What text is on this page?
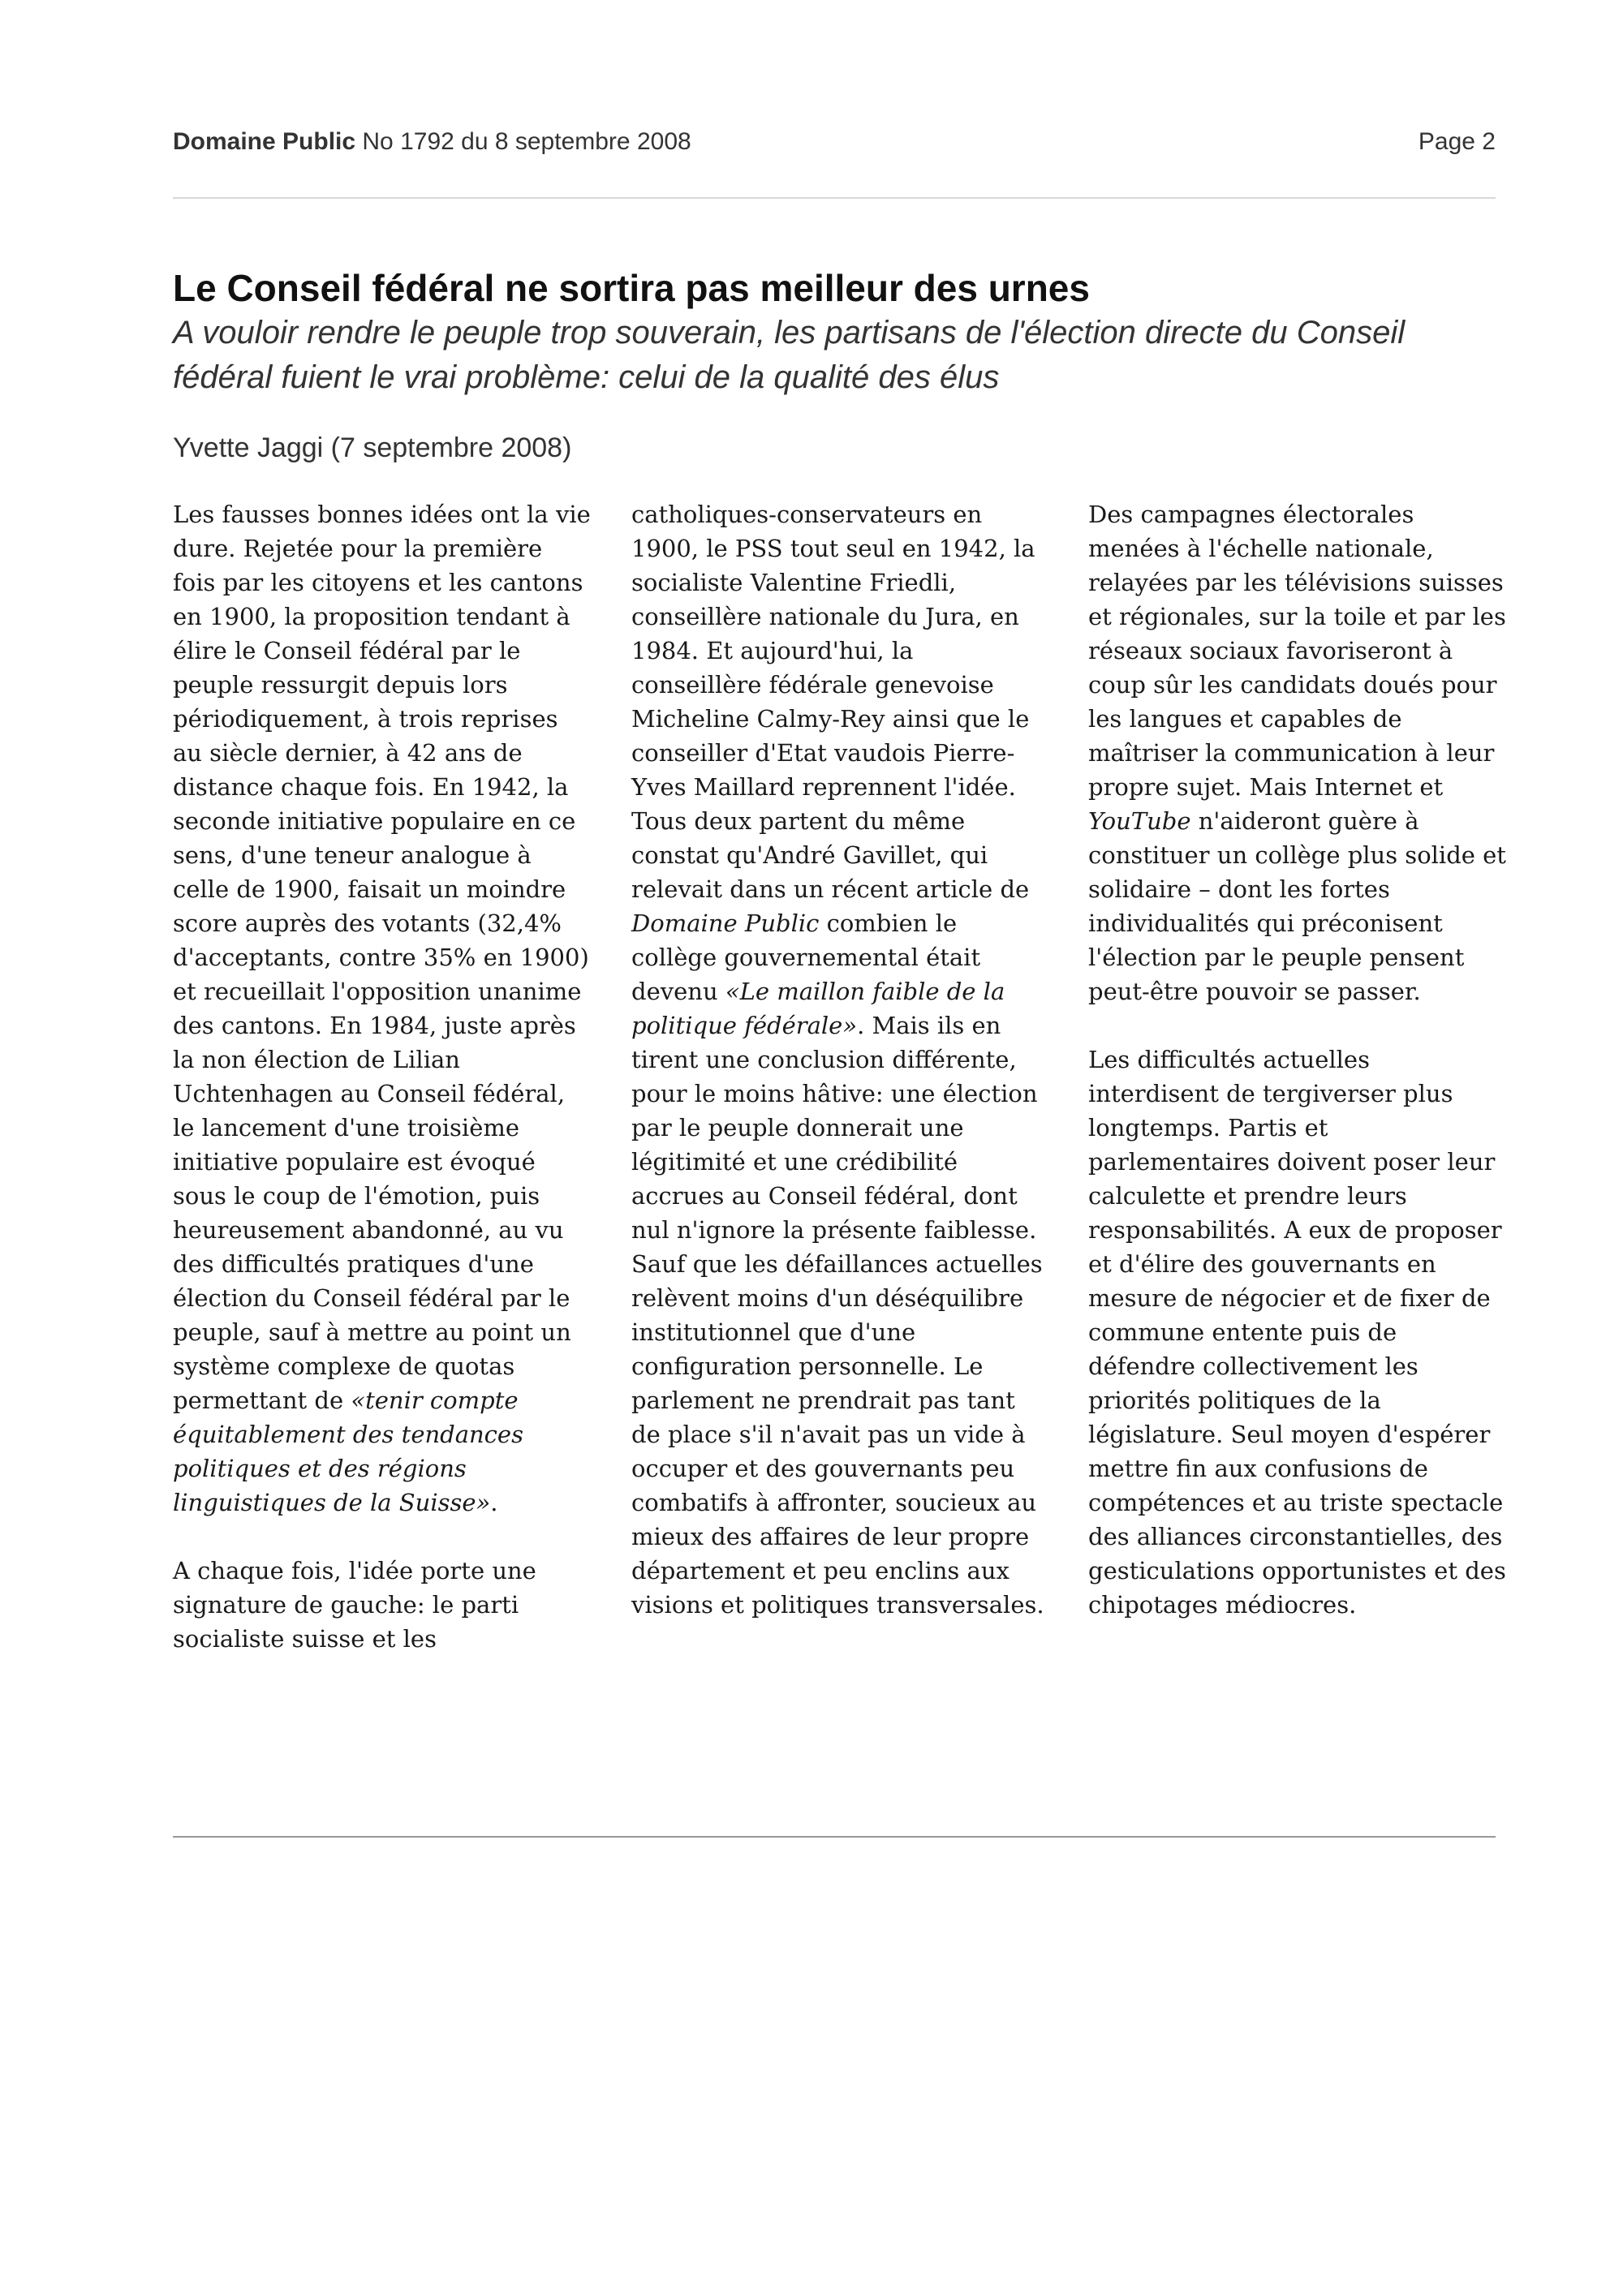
Domaine Public No 1792 du 8 septembre 2008	Page 2
Le Conseil fédéral ne sortira pas meilleur des urnes

A vouloir rendre le peuple trop souverain, les partisans de l'élection directe du Conseil fédéral fuient le vrai problème: celui de la qualité des élus

Yvette Jaggi (7 septembre 2008)

Les fausses bonnes idées ont la vie dure. Rejetée pour la première fois par les citoyens et les cantons en 1900, la proposition tendant à élire le Conseil fédéral par le peuple ressurgit depuis lors périodiquement, à trois reprises au siècle dernier, à 42 ans de distance chaque fois. En 1942, la seconde initiative populaire en ce sens, d'une teneur analogue à celle de 1900, faisait un moindre score auprès des votants (32,4% d'acceptants, contre 35% en 1900) et recueillait l'opposition unanime des cantons. En 1984, juste après la non élection de Lilian Uchtenhagen au Conseil fédéral, le lancement d'une troisième initiative populaire est évoqué sous le coup de l'émotion, puis heureusement abandonné, au vu des difficultés pratiques d'une élection du Conseil fédéral par le peuple, sauf à mettre au point un système complexe de quotas permettant de «tenir compte équitablement des tendances politiques et des régions linguistiques de la Suisse».

A chaque fois, l'idée porte une signature de gauche: le parti socialiste suisse et les

catholiques-conservateurs en 1900, le PSS tout seul en 1942, la socialiste Valentine Friedli, conseillère nationale du Jura, en 1984. Et aujourd'hui, la conseillère fédérale genevoise Micheline Calmy-Rey ainsi que le conseiller d'Etat vaudois Pierre-Yves Maillard reprennent l'idée. Tous deux partent du même constat qu'André Gavillet, qui relevait dans un récent article de Domaine Public combien le collège gouvernemental était devenu «Le maillon faible de la politique fédérale». Mais ils en tirent une conclusion différente, pour le moins hâtive: une élection par le peuple donnerait une légitimité et une crédibilité accrues au Conseil fédéral, dont nul n'ignore la présente faiblesse. Sauf que les défaillances actuelles relèvent moins d'un déséquilibre institutionnel que d'une configuration personnelle. Le parlement ne prendrait pas tant de place s'il n'avait pas un vide à occuper et des gouvernants peu combatifs à affronter, soucieux au mieux des affaires de leur propre département et peu enclins aux visions et politiques transversales.

Des campagnes électorales menées à l'échelle nationale, relayées par les télévisions suisses et régionales, sur la toile et par les réseaux sociaux favoriseront à coup sûr les candidats doués pour les langues et capables de maîtriser la communication à leur propre sujet. Mais Internet et YouTube n'aideront guère à constituer un collège plus solide et solidaire – dont les fortes individualités qui préconisent l'élection par le peuple pensent peut-être pouvoir se passer.

Les difficultés actuelles interdisent de tergiverser plus longtemps. Partis et parlementaires doivent poser leur calculette et prendre leurs responsabilités. A eux de proposer et d'élire des gouvernants en mesure de négocier et de fixer de commune entente puis de défendre collectivement les priorités politiques de la législature. Seul moyen d'espérer mettre fin aux confusions de compétences et au triste spectacle des alliances circonstantielles, des gesticulations opportunistes et des chipotages médiocres.
